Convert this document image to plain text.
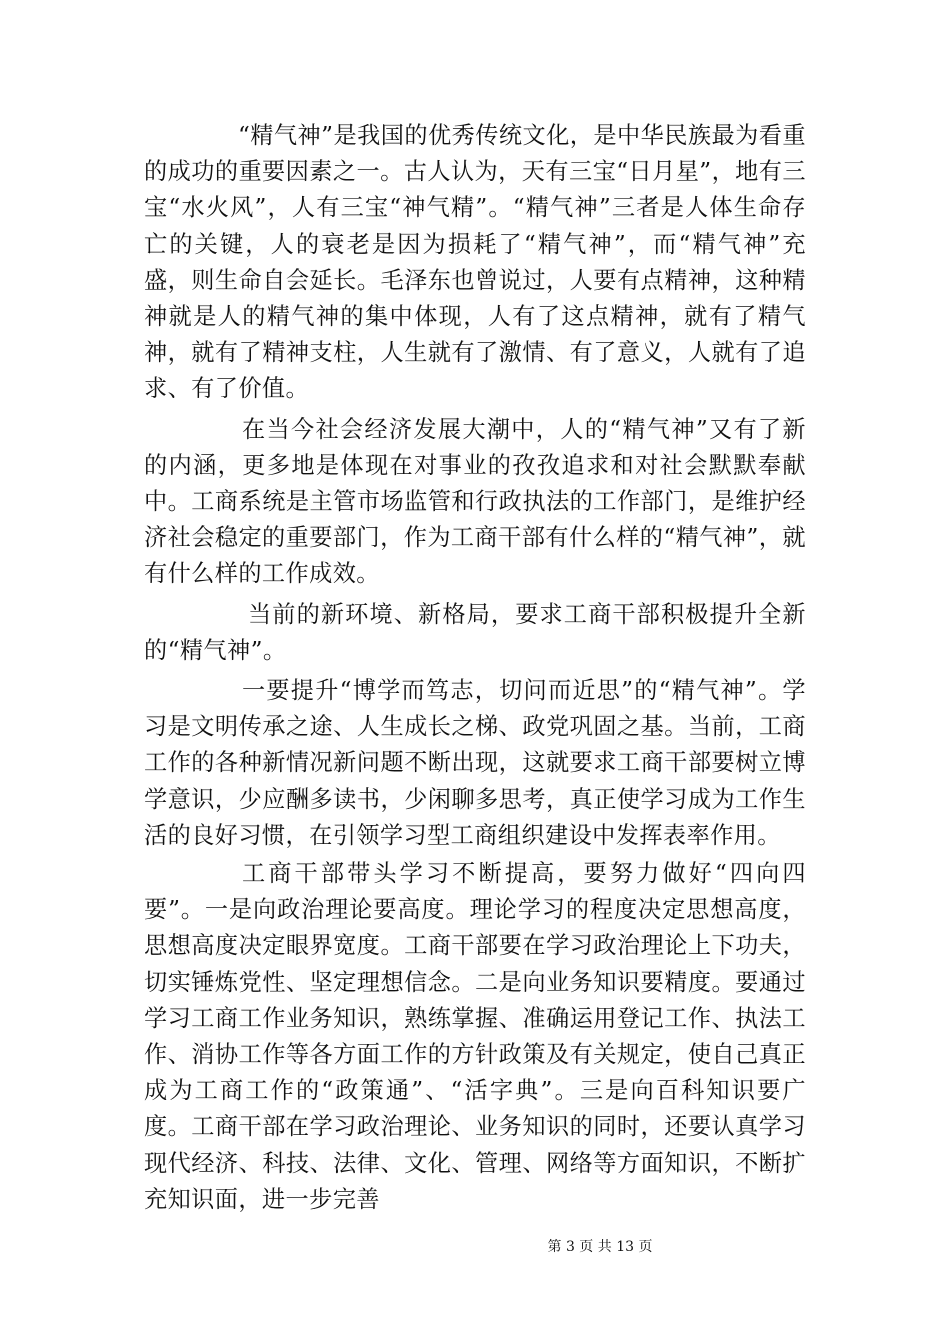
“精气神”是我国的优秀传统文化，是中华民族最为看重的成功的重要因素之一。古人认为，天有三宝“日月星”，地有三宝“水火风”，人有三宝“神气精”。“精气神”三者是人体生命存亡的关键，人的衰老是因为损耗了“精气神”，而“精气神”充盛，则生命自会延长。毛泽东也曾说过，人要有点精神，这种精神就是人的精气神的集中体现，人有了这点精神，就有了精气神，就有了精神支柱，人生就有了激情、有了意义，人就有了追求、有了价值。

在当今社会经济发展大潮中，人的“精气神”又有了新的内涵，更多地是体现在对事业的孜孜追求和对社会默默奉献中。工商系统是主管市场监管和行政执法的工作部门，是维护经济社会稳定的重要部门，作为工商干部有什么样的“精气神”，就有什么样的工作成效。

当前的新环境、新格局，要求工商干部积极提升全新的“精气神”。

一要提升“博学而笃志，切问而近思”的“精气神”。学习是文明传承之途、人生成长之梯、政党巩固之基。当前，工商工作的各种新情况新问题不断出现，这就要求工商干部要树立博学意识，少应酬多读书，少闲聊多思考，真正使学习成为工作生活的良好习惯，在引领学习型工商组织建设中发挥表率作用。

工商干部带头学习不断提高，要努力做好“四向四要”。一是向政治理论要高度。理论学习的程度决定思想高度，思想高度决定眼界宽度。工商干部要在学习政治理论上下功夫，切实锤炼党性、坚定理想信念。二是向业务知识要精度。要通过学习工商工作业务知识，熟练掌握、准确运用登记工作、执法工作、消协工作等各方面工作的方针政策及有关规定，使自己真正成为工商工作的“政策通”、“活字典”。三是向百科知识要广度。工商干部在学习政治理论、业务知识的同时，还要认真学习现代经济、科技、法律、文化、管理、网络等方面知识，不断扩充知识面，进一步完善

第 3 页 共 13 页
